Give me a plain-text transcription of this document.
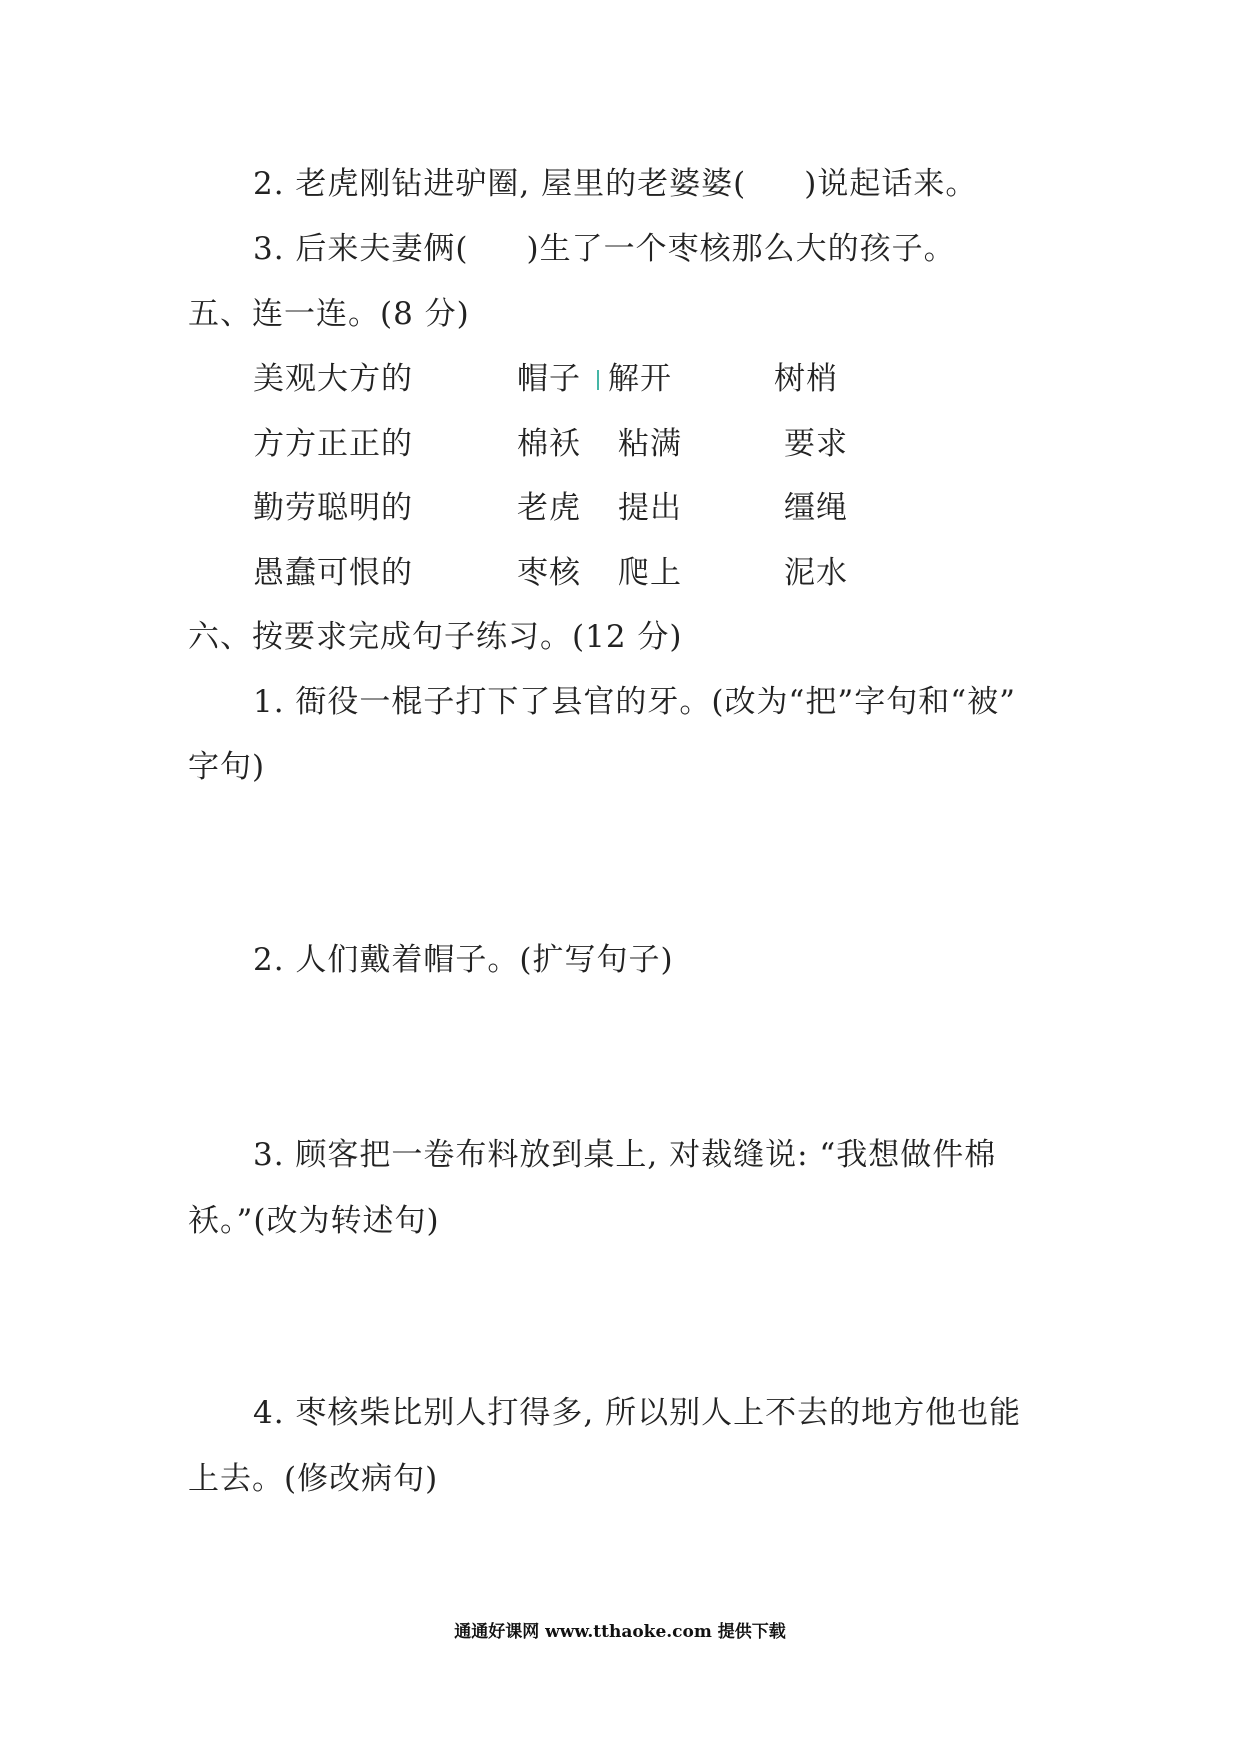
2. 老虎刚钻进驴圈, 屋里的老婆婆( )说起话来。
3. 后来夫妻俩( )生了一个枣核那么大的孩子。
五、连一连。(8 分)
美观大方的
方方正正的
勤劳聪明的
愚蠢可恨的
帽子
棉袄
老虎
枣核
解开
粘满
提出
爬上
树梢
要求
缰绳
泥水
六、按要求完成句子练习。(12 分)
1. 衙役一棍子打下了县官的牙。(改为“把”字句和“被”
字句)
2. 人们戴着帽子。(扩写句子)
3. 顾客把一卷布料放到桌上, 对裁缝说: “我想做件棉
袄。”(改为转述句)
4. 枣核柴比别人打得多, 所以别人上不去的地方他也能
上去。(修改病句)
通通好课网 www.tthaoke.com 提供下载
